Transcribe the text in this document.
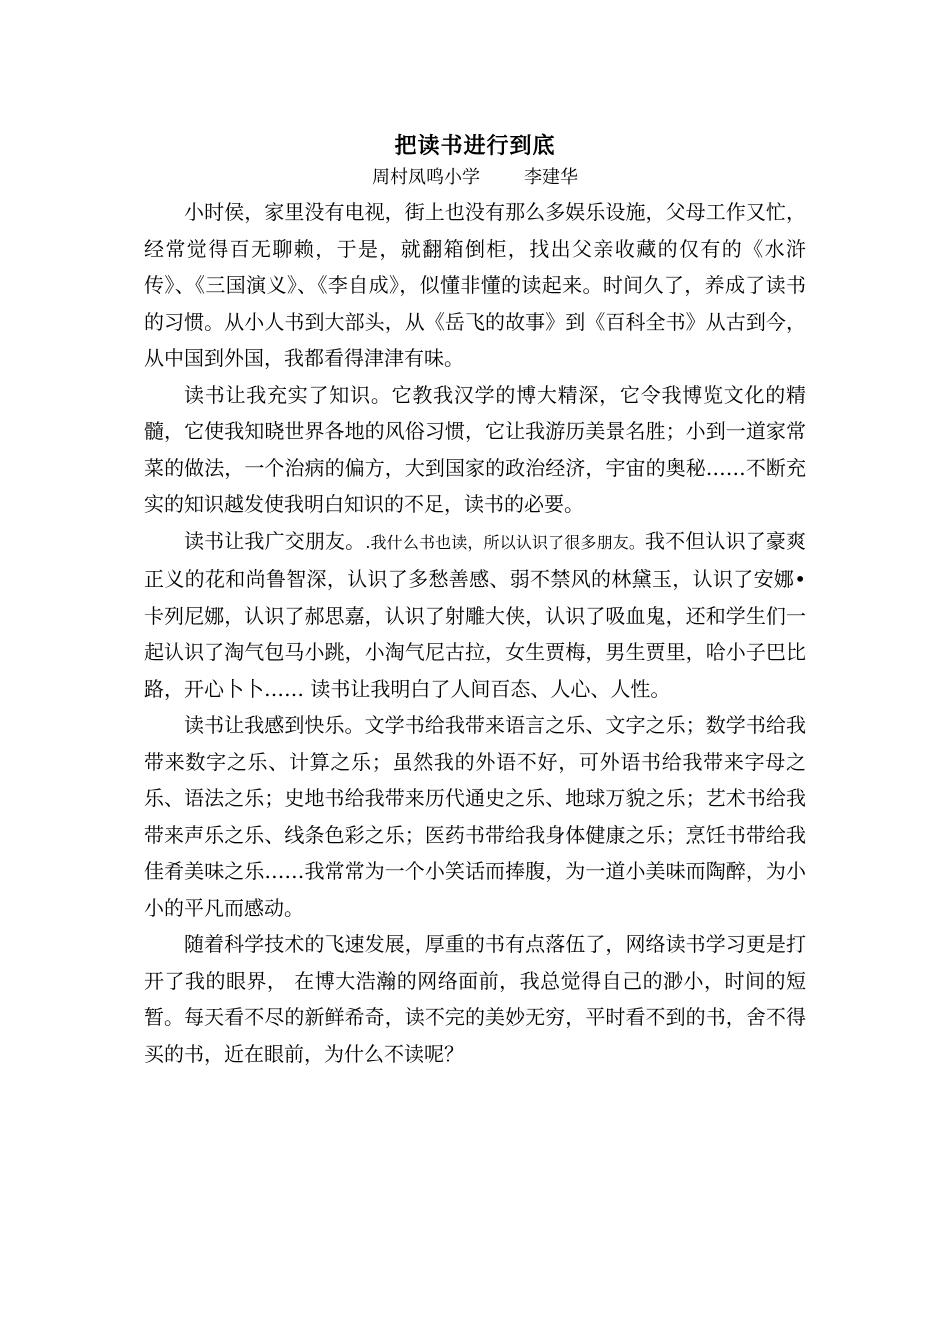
把读书进行到底
周村凤鸣小学 李建华

小时侯，家里没有电视，街上也没有那么多娱乐设施，父母工作又忙，经常觉得百无聊赖，于是，就翻箱倒柜，找出父亲收藏的仅有的《水浒传》、《三国演义》、《李自成》，似懂非懂的读起来。时间久了，养成了读书的习惯。从小人书到大部头，从《岳飞的故事》到《百科全书》从古到今，从中国到外国，我都看得津津有味。

读书让我充实了知识。它教我汉学的博大精深，它令我博览文化的精髓，它使我知晓世界各地的风俗习惯，它让我游历美景名胜；小到一道家常菜的做法，一个治病的偏方，大到国家的政治经济，宇宙的奥秘……不断充实的知识越发使我明白知识的不足，读书的必要。

读书让我广交朋友。.我什么书也读，所以认识了很多朋友。我不但认识了豪爽正义的花和尚鲁智深，认识了多愁善感、弱不禁风的林黛玉，认识了安娜•卡列尼娜，认识了郝思嘉，认识了射雕大侠，认识了吸血鬼，还和学生们一起认识了淘气包马小跳，小淘气尼古拉，女生贾梅，男生贾里，哈小子巴比路，开心卜卜…… 读书让我明白了人间百态、人心、人性。

读书让我感到快乐。文学书给我带来语言之乐、文字之乐；数学书给我带来数字之乐、计算之乐；虽然我的外语不好，可外语书给我带来字母之乐、语法之乐；史地书给我带来历代通史之乐、地球万貌之乐；艺术书给我带来声乐之乐、线条色彩之乐；医药书带给我身体健康之乐；烹饪书带给我佳肴美味之乐……我常常为一个小笑话而捧腹，为一道小美味而陶醉，为小小的平凡而感动。

随着科学技术的飞速发展，厚重的书有点落伍了，网络读书学习更是打开了我的眼界， 在博大浩瀚的网络面前，我总觉得自己的渺小，时间的短暂。每天看不尽的新鲜希奇，读不完的美妙无穷，平时看不到的书，舍不得买的书，近在眼前，为什么不读呢？
